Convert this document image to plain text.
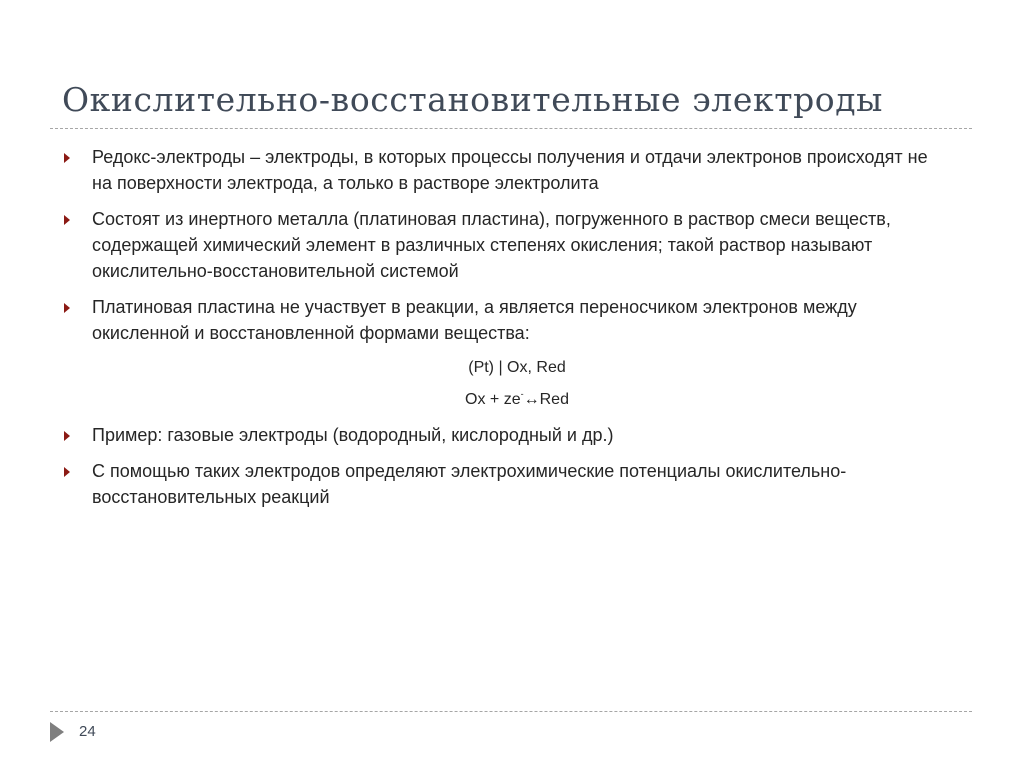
Окислительно-восстановительные электроды
Редокс-электроды – электроды, в которых процессы получения и отдачи электронов происходят не на поверхности электрода, а только в растворе электролита
Состоят из инертного металла (платиновая пластина), погруженного в раствор смеси веществ, содержащей химический элемент в различных степенях окисления; такой раствор называют окислительно-восстановительной системой
Платиновая пластина не участвует в реакции, а является переносчиком электронов между окисленной и восстановленной формами вещества:
(Pt) | Ox, Red
Ox + ze-↔Red
Пример: газовые электроды (водородный, кислородный и др.)
С помощью таких электродов определяют электрохимические потенциалы окислительно-восстановительных реакций
24
